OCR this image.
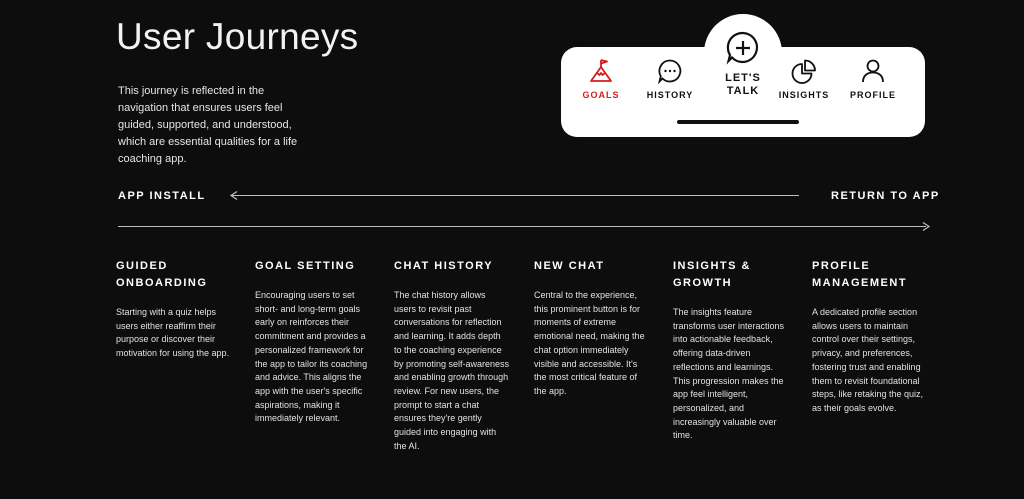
User Journeys

This journey is reflected in the navigation that ensures users feel guided, supported, and understood, which are essential qualities for a life coaching app.

GOALS	HISTORY
LET'S
TALK	INSIGHTS	PROFILE
APP INSTALL	RETURN TO APP
GUIDED ONBOARDING

Starting with a quiz helps users either reaffirm their purpose or discover their motivation for using the app.

GOAL SETTING

Encouraging users to set short- and long-term goals early on reinforces their commitment and provides a personalized framework for the app to tailor its coaching and advice. This aligns the app with the user's specific aspirations, making it immediately relevant.

CHAT HISTORY

The chat history allows users to revisit past conversations for reflection and learning. It adds depth to the coaching experience by promoting self-awareness and enabling growth through review. For new users, the prompt to start a chat ensures they're gently guided into engaging with the AI.

NEW CHAT

Central to the experience, this prominent button is for moments of extreme emotional need, making the chat option immediately visible and accessible. It's the most critical feature of the app.

INSIGHTS & GROWTH

The insights feature transforms user interactions into actionable feedback, offering data-driven reflections and learnings. This progression makes the app feel intelligent, personalized, and increasingly valuable over time.

PROFILE MANAGEMENT

A dedicated profile section allows users to maintain control over their settings, privacy, and preferences, fostering trust and enabling them to revisit foundational steps, like retaking the quiz, as their goals evolve.
